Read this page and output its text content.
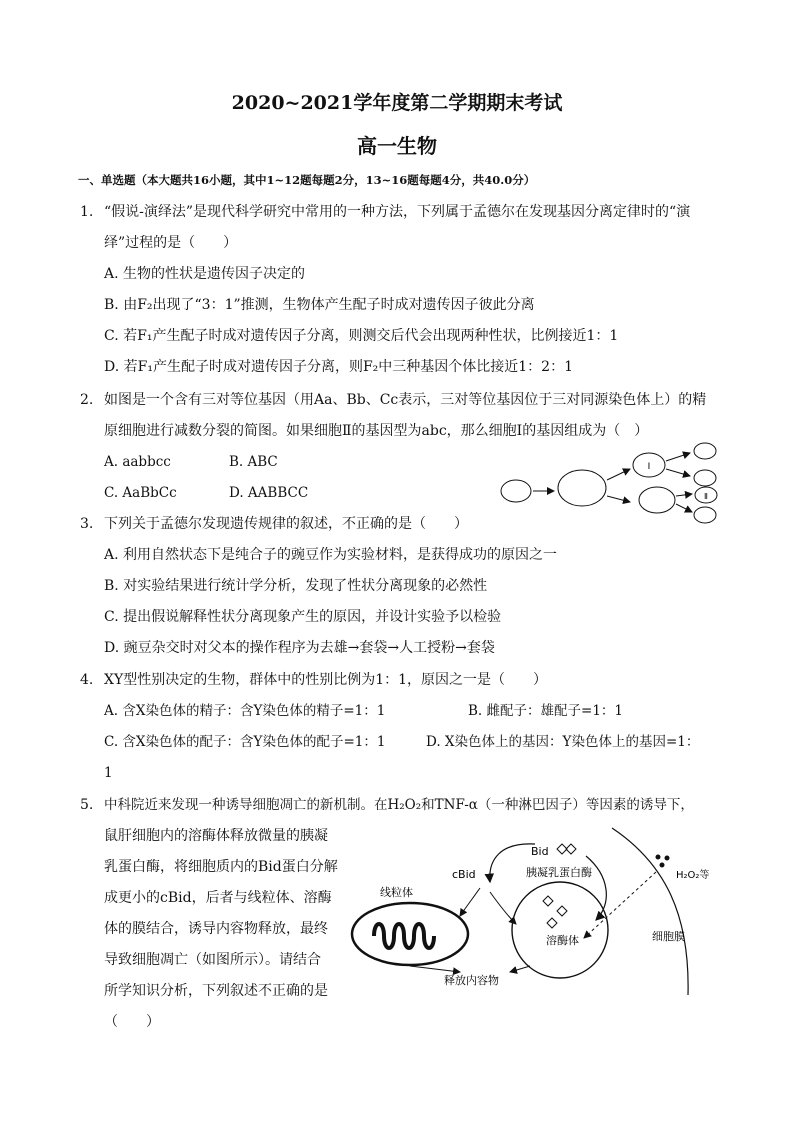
2020~2021学年度第二学期期末考试
高一生物
一、单选题（本大题共16小题，其中1~12题每题2分，13~16题每题4分，共40.0分）
1. “假说-演绎法”是现代科学研究中常用的一种方法，下列属于孟德尔在发现基因分离定律时的“演
绎”过程的是（　　）
A. 生物的性状是遗传因子决定的
B. 由F₂出现了“3：1”推测，生物体产生配子时成对遗传因子彼此分离
C. 若F₁产生配子时成对遗传因子分离，则测交后代会出现两种性状，比例接近1：1
D. 若F₁产生配子时成对遗传因子分离，则F₂中三种基因个体比接近1：2：1
2. 如图是一个含有三对等位基因（用Aa、Bb、Cc表示，三对等位基因位于三对同源染色体上）的精
原细胞进行减数分裂的简图。如果细胞Ⅱ的基因型为abc，那么细胞Ⅰ的基因组成为（　）
A. aabbcc	B. ABC
C. AaBbCc	D. AABBCC
Ⅰ
Ⅱ
3. 下列关于孟德尔发现遗传规律的叙述，不正确的是（　　）
A. 利用自然状态下是纯合子的豌豆作为实验材料，是获得成功的原因之一
B. 对实验结果进行统计学分析，发现了性状分离现象的必然性
C. 提出假说解释性状分离现象产生的原因，并设计实验予以检验
D. 豌豆杂交时对父本的操作程序为去雄→套袋→人工授粉→套袋
4. XY型性别决定的生物，群体中的性别比例为1：1，原因之一是（　　）
A. 含X染色体的精子：含Y染色体的精子=1：1	B. 雌配子：雄配子=1：1
C. 含X染色体的配子：含Y染色体的配子=1：1	D. X染色体上的基因：Y染色体上的基因=1：
1
5. 中科院近来发现一种诱导细胞凋亡的新机制。在H₂O₂和TNF-α（一种淋巴因子）等因素的诱导下，
鼠肝细胞内的溶酶体释放微量的胰凝
乳蛋白酶，将细胞质内的Bid蛋白分解
成更小的cBid，后者与线粒体、溶酶
体的膜结合，诱导内容物释放，最终
导致细胞凋亡（如图所示）。请结合
所学知识分析，下列叙述不正确的是
（　　）
细胞膜
H₂O₂等
Bid
胰凝乳蛋白酶
cBid
线粒体
溶酶体
释放内容物
